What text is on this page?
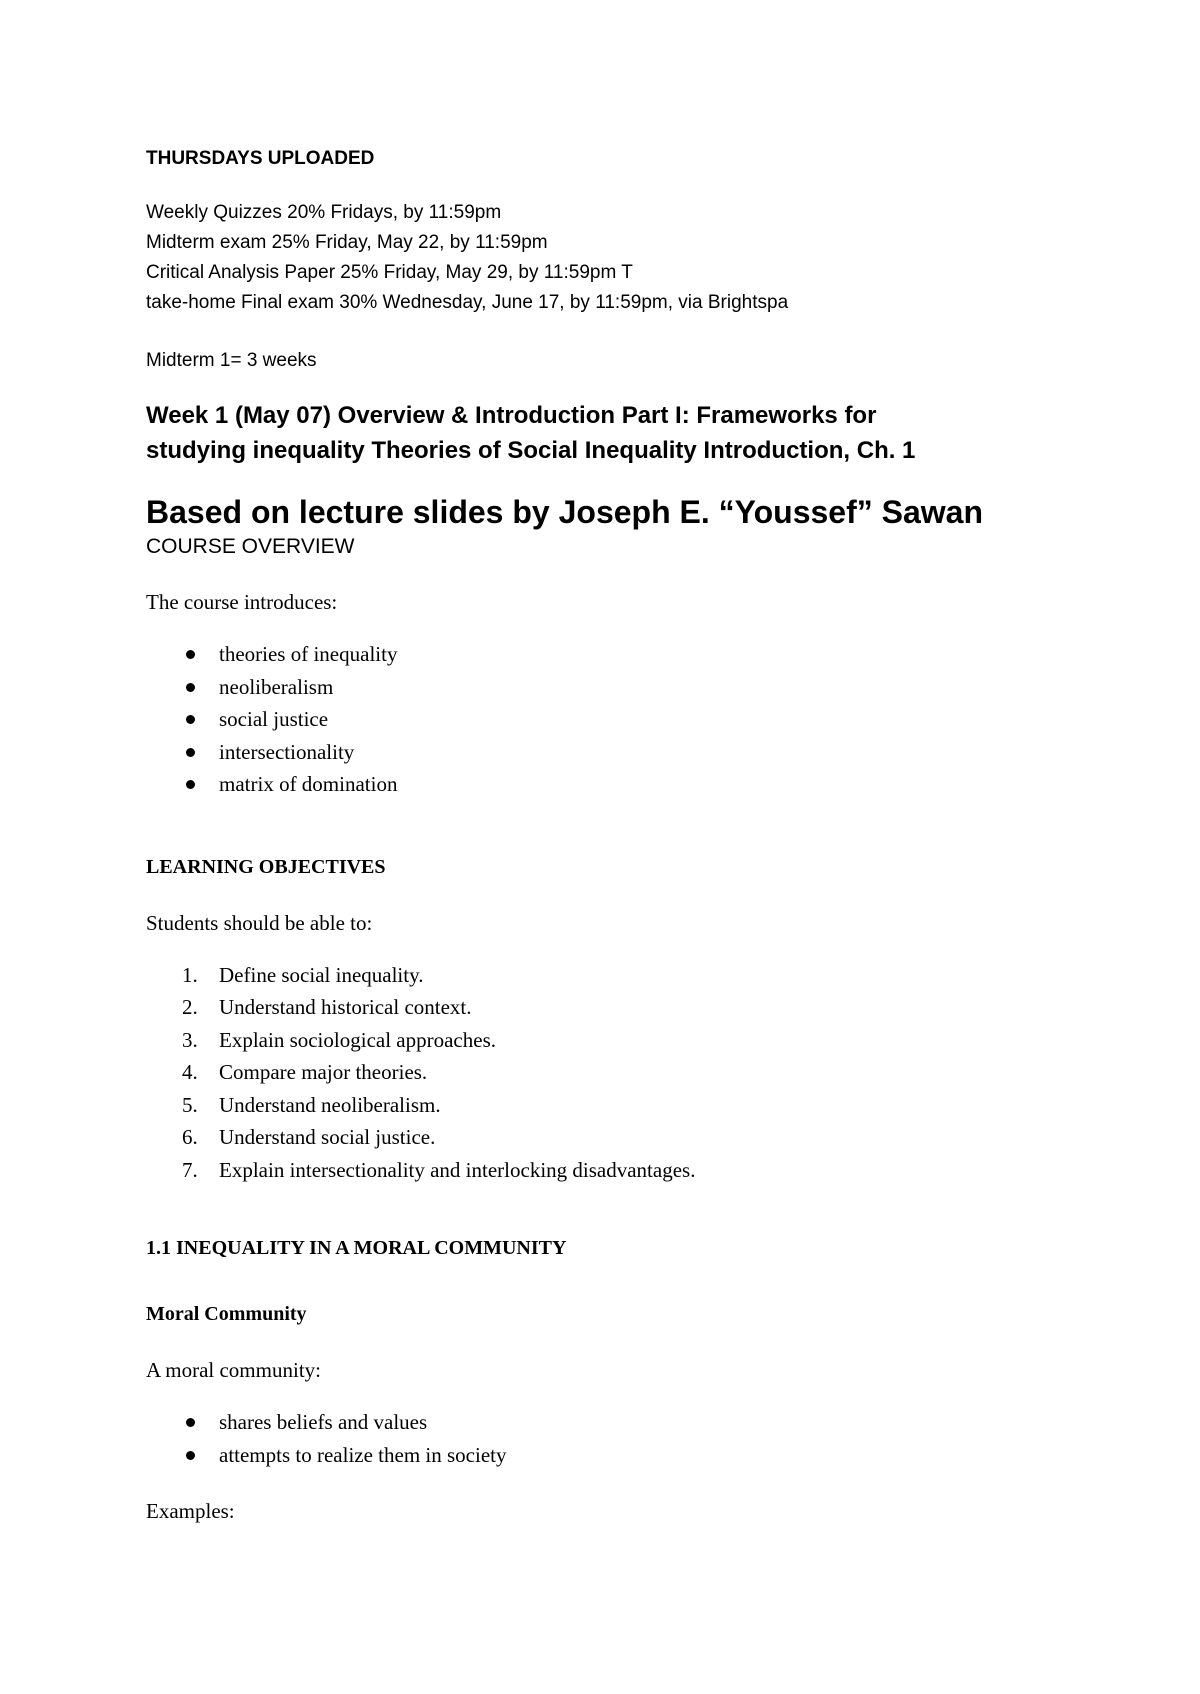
THURSDAYS UPLOADED

Weekly Quizzes 20% Fridays, by 11:59pm

Midterm exam 25% Friday, May 22, by 11:59pm

Critical Analysis Paper 25% Friday, May 29, by 11:59pm T

take-home Final exam 30% Wednesday, June 17, by 11:59pm, via Brightspa

Midterm 1= 3 weeks

Week 1 (May 07) Overview & Introduction Part I: Frameworks for

studying inequality Theories of Social Inequality Introduction, Ch. 1

Based on lecture slides by Joseph E. “Youssef” Sawan

COURSE OVERVIEW

The course introduces:

theories of inequality
neoliberalism
social justice
intersectionality
matrix of domination

LEARNING OBJECTIVES

Students should be able to:

1. Define social inequality.
2. Understand historical context.
3. Explain sociological approaches.
4. Compare major theories.
5. Understand neoliberalism.
6. Understand social justice.
7. Explain intersectionality and interlocking disadvantages.

1.1 INEQUALITY IN A MORAL COMMUNITY

Moral Community

A moral community:

shares beliefs and values
attempts to realize them in society

Examples:
